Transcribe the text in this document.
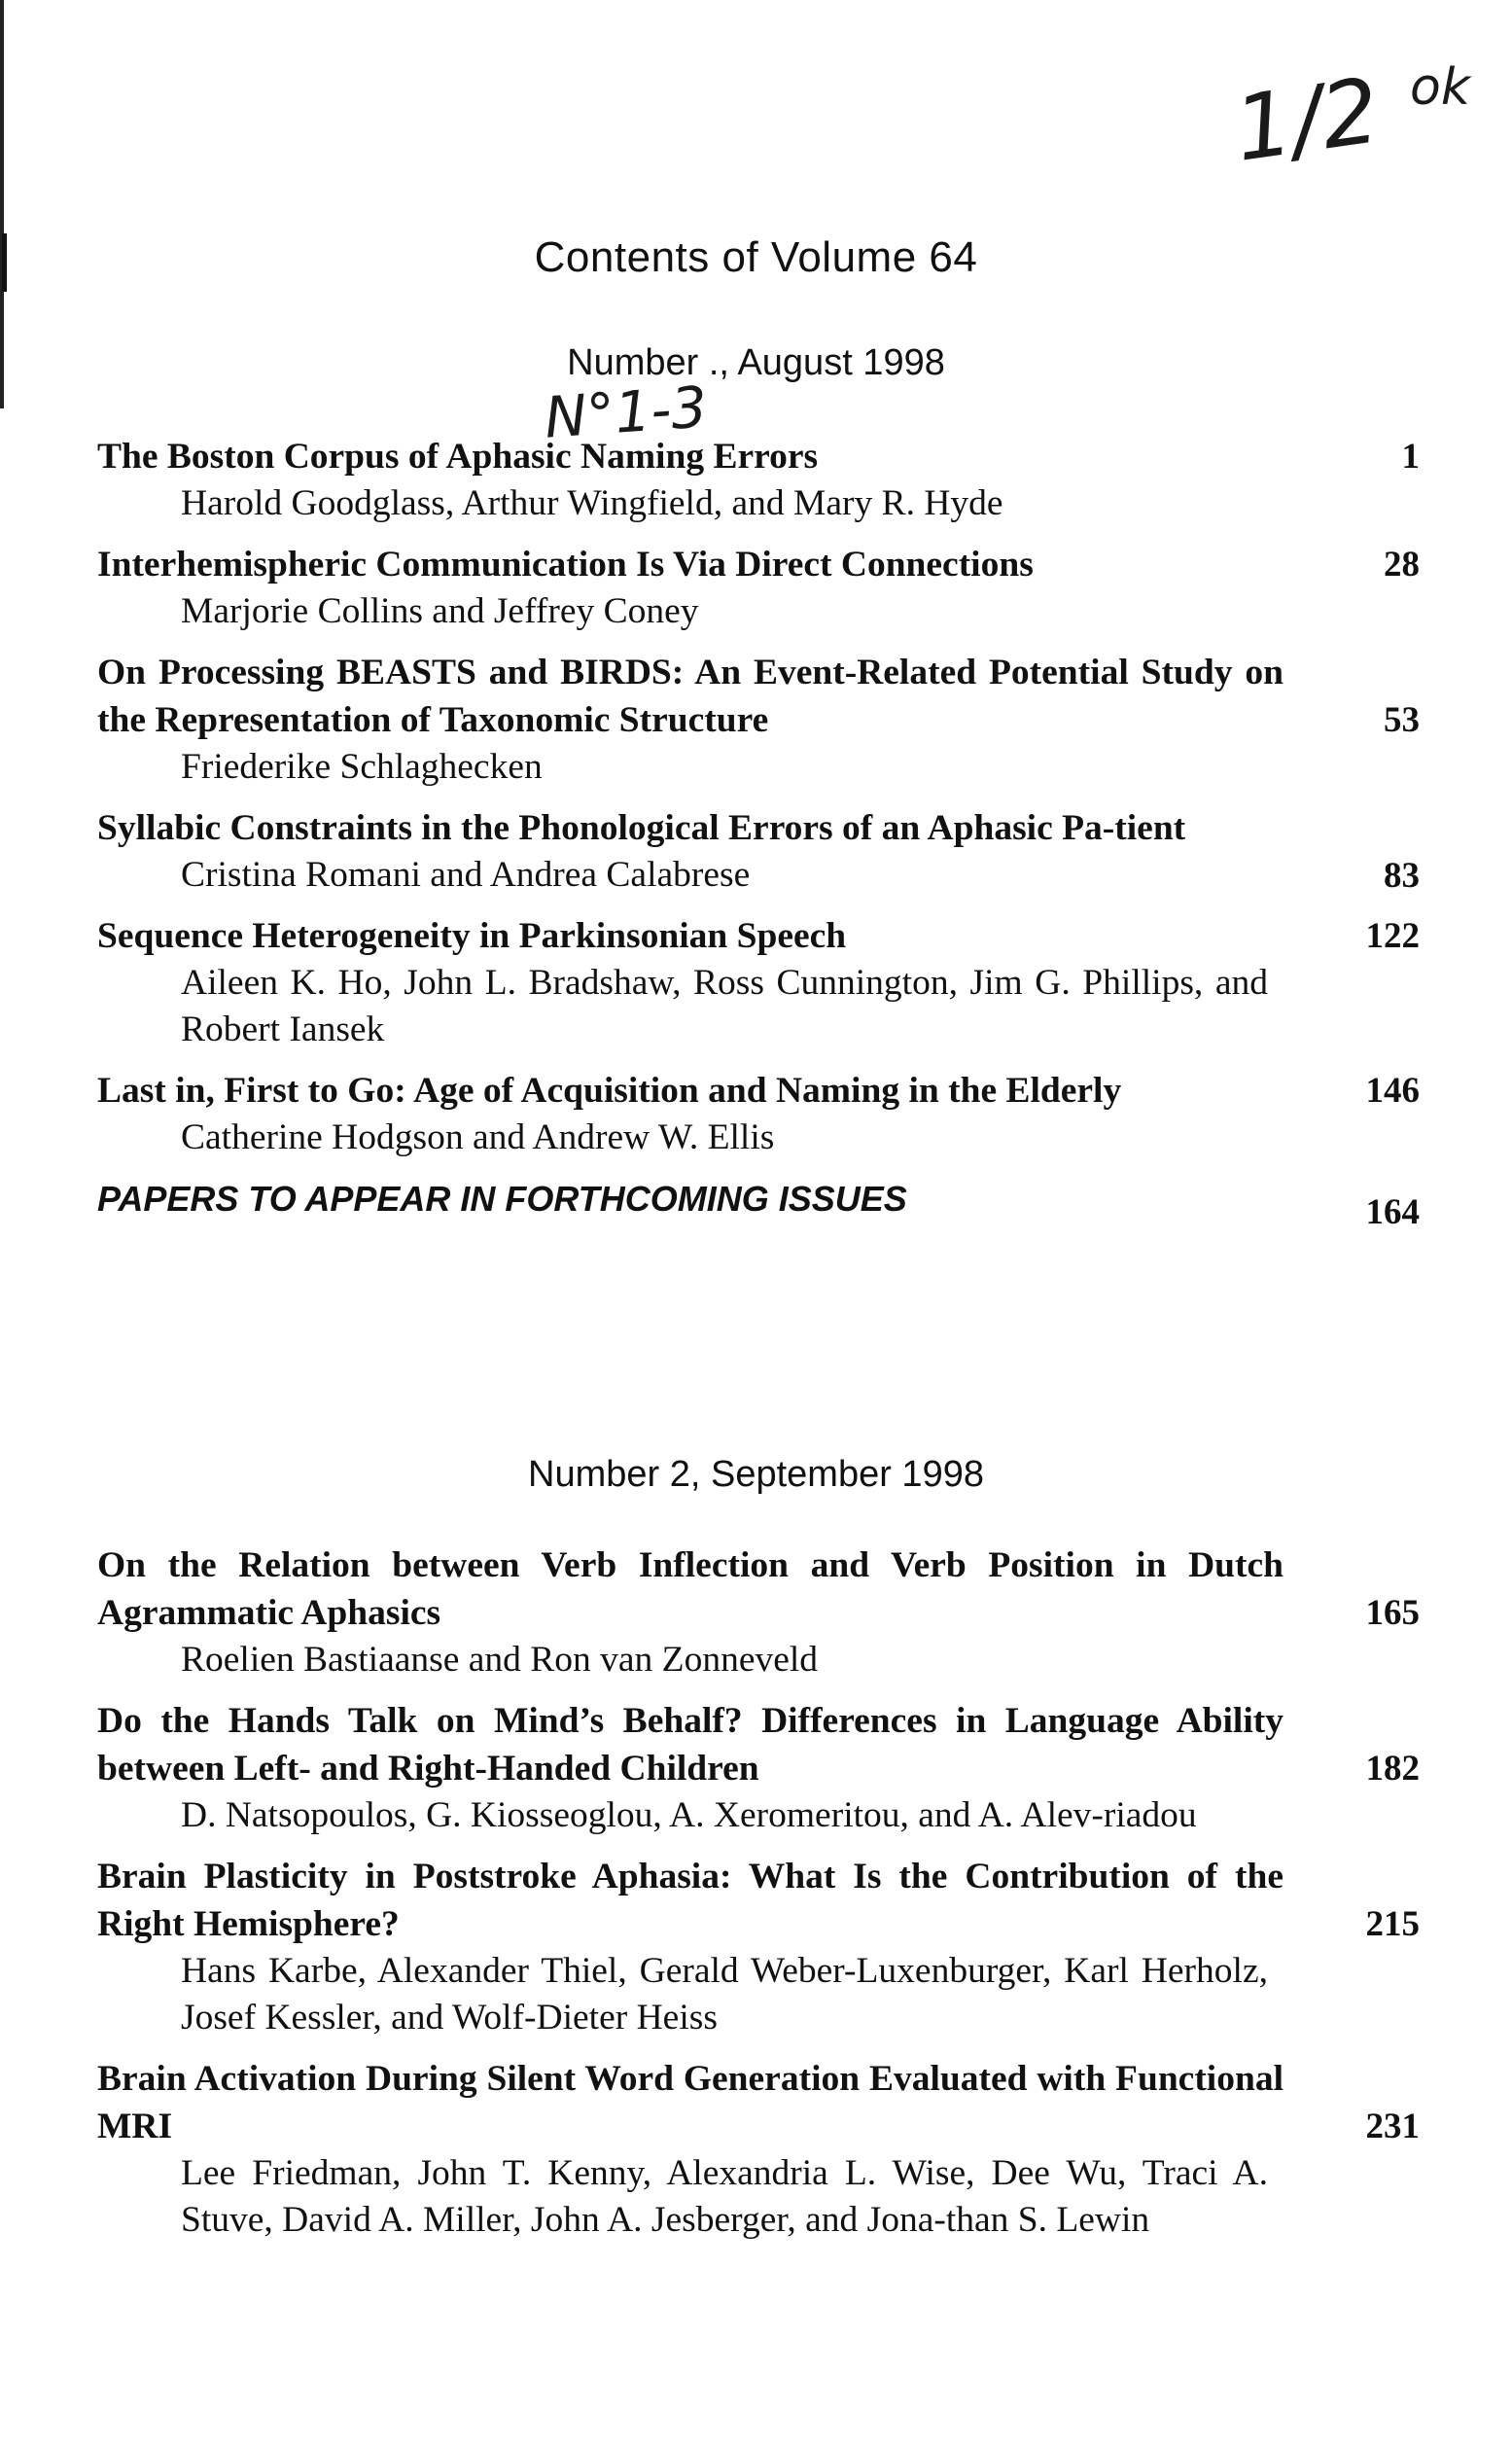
1/2 ok
Contents of Volume 64
Number ., August 1998
N°1-3
1
The Boston Corpus of Aphasic Naming Errors
Harold Goodglass, Arthur Wingfield, and Mary R. Hyde
28
Interhemispheric Communication Is Via Direct Connections
Marjorie Collins and Jeffrey Coney
53
On Processing BEASTS and BIRDS: An Event-Related Potential Study on the Representation of Taxonomic Structure
Friederike Schlaghecken
83
Syllabic Constraints in the Phonological Errors of an Aphasic Pa-tient
Cristina Romani and Andrea Calabrese
122
Sequence Heterogeneity in Parkinsonian Speech
Aileen K. Ho, John L. Bradshaw, Ross Cunnington, Jim G. Phillips, and Robert Iansek
146
Last in, First to Go: Age of Acquisition and Naming in the Elderly
Catherine Hodgson and Andrew W. Ellis
164
PAPERS TO APPEAR IN FORTHCOMING ISSUES
Number 2, September 1998
165
On the Relation between Verb Inflection and Verb Position in Dutch Agrammatic Aphasics
Roelien Bastiaanse and Ron van Zonneveld
182
Do the Hands Talk on Mind’s Behalf? Differences in Language Ability between Left- and Right-Handed Children
D. Natsopoulos, G. Kiosseoglou, A. Xeromeritou, and A. Alev-riadou
215
Brain Plasticity in Poststroke Aphasia: What Is the Contribution of the Right Hemisphere?
Hans Karbe, Alexander Thiel, Gerald Weber-Luxenburger, Karl Herholz, Josef Kessler, and Wolf-Dieter Heiss
231
Brain Activation During Silent Word Generation Evaluated with Functional MRI
Lee Friedman, John T. Kenny, Alexandria L. Wise, Dee Wu, Traci A. Stuve, David A. Miller, John A. Jesberger, and Jona-than S. Lewin
